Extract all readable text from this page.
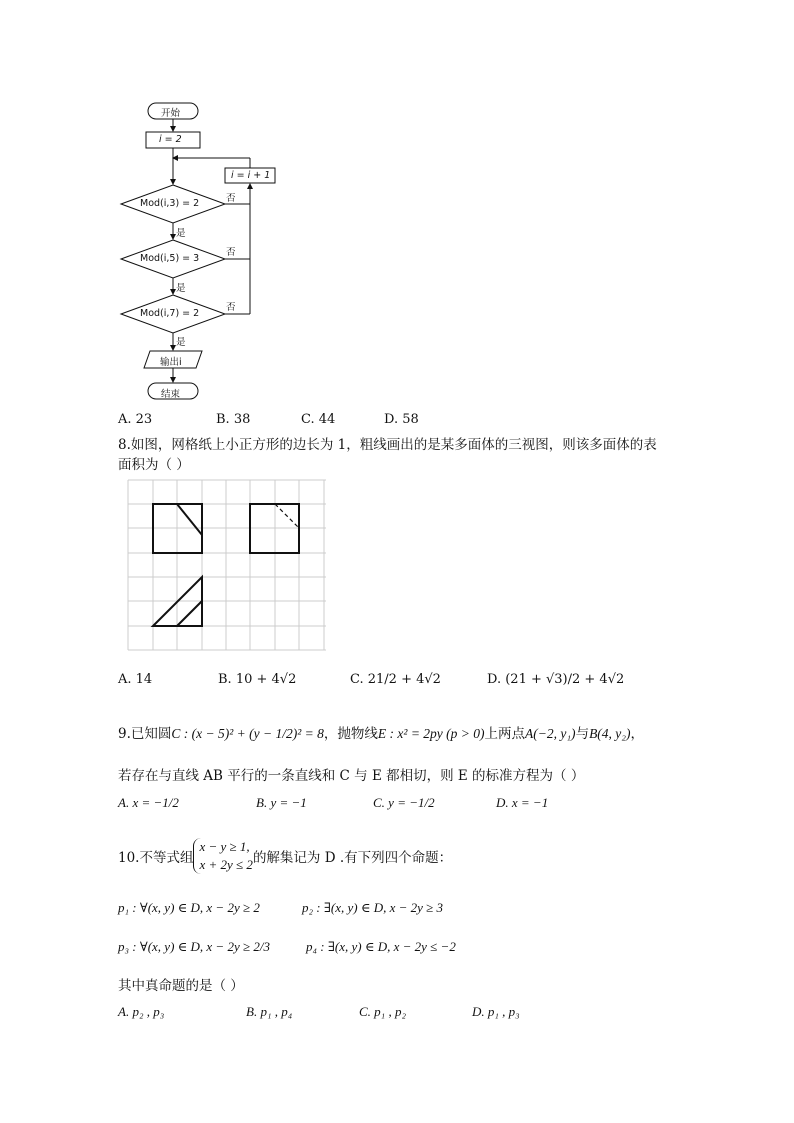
开始
i = 2
i = i + 1
Mod(i,3) = 2
Mod(i,5) = 3
Mod(i,7) = 2
否
否
否
是
是
是
输出i
结束
A. 23	B. 38	C. 44	D. 58
8.如图，网格纸上小正方形的边长为 1，粗线画出的是某多面体的三视图，则该多面体的表
面积为（ ）
A. 14	B. 10 + 4√2	C. 21/2 + 4√2	D. (21 + √3)/2 + 4√2
9.已知圆C : (x − 5)² + (y − 1/2)² = 8，抛物线E : x² = 2py (p > 0)上两点A(−2, y₁)与B(4, y₂)，
若存在与直线 AB 平行的一条直线和 C 与 E 都相切，则 E 的标准方程为（ ）
A. x = −1/2	B. y = −1	C. y = −1/2	D. x = −1
10.不等式组x − y ≥ 1,
x + 2y ≤ 2的解集记为 D .有下列四个命题：
p₁ : ∀(x, y) ∈ D, x − 2y ≥ 2	p₂ : ∃(x, y) ∈ D, x − 2y ≥ 3
p₃ : ∀(x, y) ∈ D, x − 2y ≥ 2/3	p₄ : ∃(x, y) ∈ D, x − 2y ≤ −2
其中真命题的是（ ）
A. p₂ , p₃	B. p₁ , p₄	C. p₁ , p₂	D. p₁ , p₃
